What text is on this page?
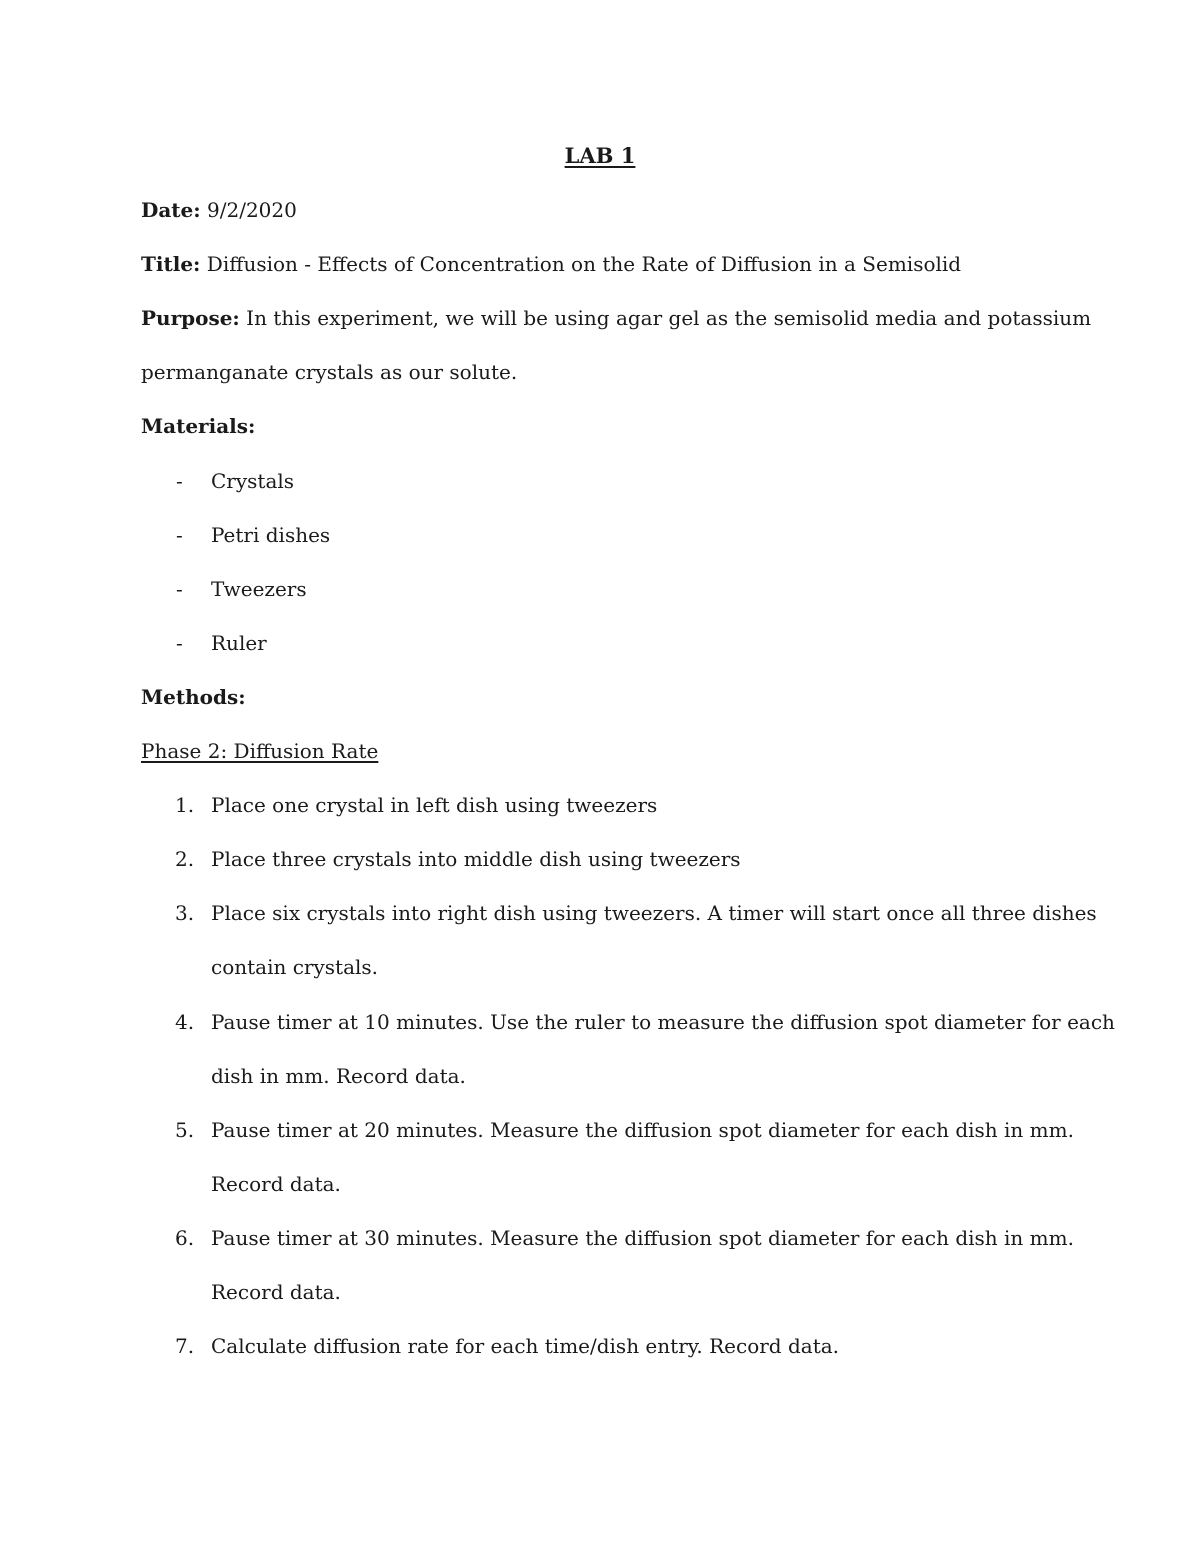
LAB 1
Date: 9/2/2020
Title: Diffusion - Effects of Concentration on the Rate of Diffusion in a Semisolid
Purpose: In this experiment, we will be using agar gel as the semisolid media and potassium
permanganate crystals as our solute.
Materials:
- Crystals
- Petri dishes
- Tweezers
- Ruler
Methods:
Phase 2: Diffusion Rate
1. Place one crystal in left dish using tweezers
2. Place three crystals into middle dish using tweezers
3. Place six crystals into right dish using tweezers. A timer will start once all three dishes
contain crystals.
4. Pause timer at 10 minutes. Use the ruler to measure the diffusion spot diameter for each
dish in mm. Record data.
5. Pause timer at 20 minutes. Measure the diffusion spot diameter for each dish in mm.
Record data.
6. Pause timer at 30 minutes. Measure the diffusion spot diameter for each dish in mm.
Record data.
7. Calculate diffusion rate for each time/dish entry. Record data.
